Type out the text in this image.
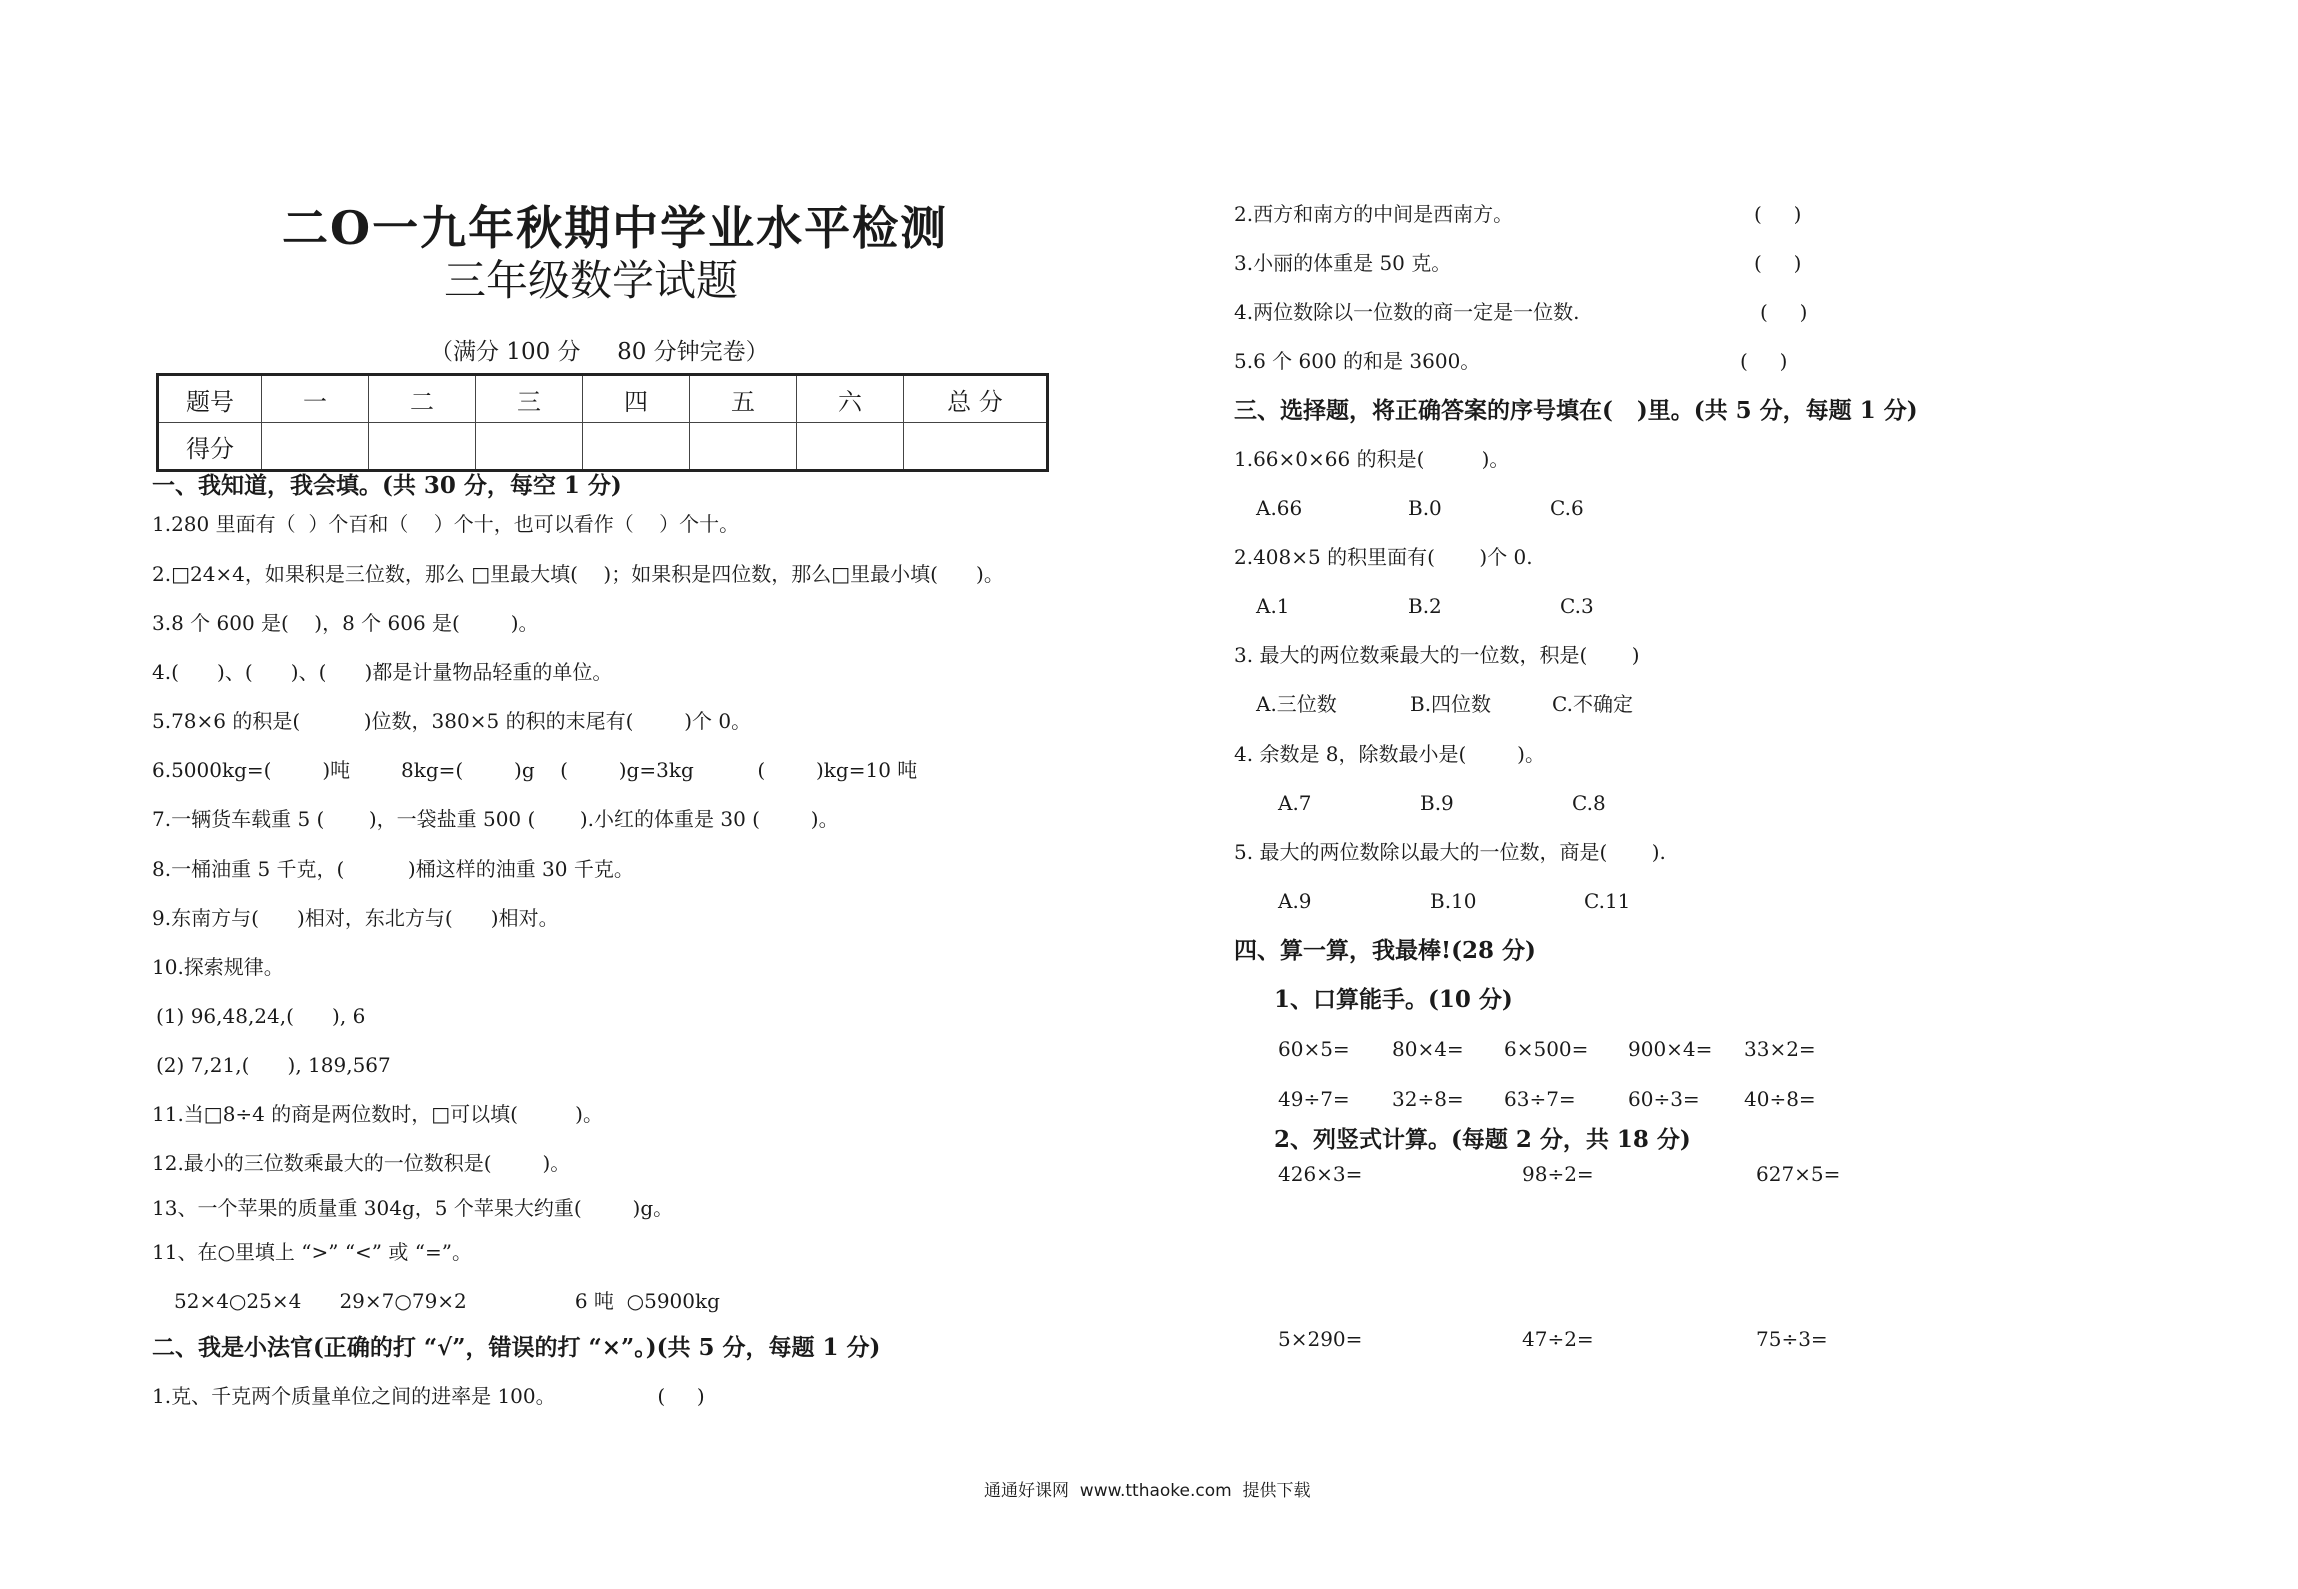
二O一九年秋期中学业水平检测
三年级数学试题
（满分 100 分     80 分钟完卷）
题号	一	二	三	四	五	六	总 分
得分							
一、我知道，我会填。(共 30 分，每空 1 分)
1.280 里面有（  ）个百和（    ）个十，也可以看作（    ）个十。
2.□24×4，如果积是三位数，那么 □里最大填(    )；如果积是四位数，那么□里最小填(      )。
3.8 个 600 是(    )，8 个 606 是(        )。
4.(      )、(      )、(      )都是计量物品轻重的单位。
5.78×6 的积是(          )位数，380×5 的积的末尾有(        )个 0。
6.5000kg=(        )吨        8kg=(        )g    (        )g=3kg          (        )kg=10 吨
7.一辆货车载重 5 (       )，一袋盐重 500 (       ).小红的体重是 30 (        )。
8.一桶油重 5 千克，(          )桶这样的油重 30 千克。
9.东南方与(      )相对，东北方与(      )相对。
10.探索规律。
(1) 96,48,24,(      ), 6
(2) 7,21,(      ), 189,567
11.当□8÷4 的商是两位数时，□可以填(         )。
12.最小的三位数乘最大的一位数积是(        )。
13、一个苹果的质量重 304g，5 个苹果大约重(        )g。
11、在○里填上 “>” “<” 或 “=”。
52×4○25×4      29×7○79×2                 6 吨  ○5900kg
二、我是小法官(正确的打 “√”，错误的打 “×”。)(共 5 分，每题 1 分)
1.克、千克两个质量单位之间的进率是 100。                (     )
2.西方和南方的中间是西南方。	(     )
3.小丽的体重是 50 克。	(     )
4.两位数除以一位数的商一定是一位数.	(     )
5.6 个 600 的和是 3600。	(     )
三、选择题，将正确答案的序号填在(   )里。(共 5 分，每题 1 分)
1.66×0×66 的积是(         )。
A.66	B.0	C.6
2.408×5 的积里面有(       )个 0.
A.1	B.2	C.3
3. 最大的两位数乘最大的一位数，积是(       )
A.三位数	B.四位数	C.不确定
4. 余数是 8，除数最小是(        )。
A.7	B.9	C.8
5. 最大的两位数除以最大的一位数，商是(       ).
A.9	B.10	C.11
四、算一算，我最棒!(28 分)
1、口算能手。(10 分)
60×5= 80×4= 6×500= 900×4= 33×2=
49÷7= 32÷8= 63÷7=	60÷3= 40÷8=
2、列竖式计算。(每题 2 分，共 18 分)
426×3=	98÷2=	627×5=
5×290=	47÷2=	75÷3=
通通好课网  www.tthaoke.com  提供下载
